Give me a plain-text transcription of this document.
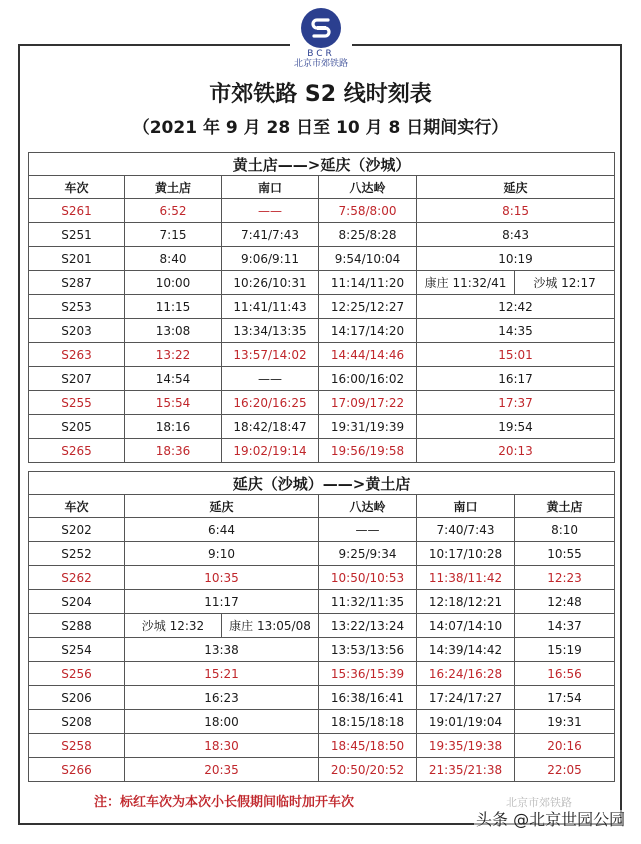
BCR
北京市郊铁路
市郊铁路 S2 线时刻表
（2021 年 9 月 28 日至 10 月 8 日期间实行）
黄土店——>延庆（沙城）					
车次	黄土店	南口	八达岭	延庆	
S261	6:52	——	7:58/8:00	8:15	
S251	7:15	7:41/7:43	8:25/8:28	8:43	
S201	8:40	9:06/9:11	9:54/10:04	10:19	
S287	10:00	10:26/10:31	11:14/11:20	康庄 11:32/41	沙城 12:17
S253	11:15	11:41/11:43	12:25/12:27	12:42	
S203	13:08	13:34/13:35	14:17/14:20	14:35	
S263	13:22	13:57/14:02	14:44/14:46	15:01	
S207	14:54	——	16:00/16:02	16:17	
S255	15:54	16:20/16:25	17:09/17:22	17:37	
S205	18:16	18:42/18:47	19:31/19:39	19:54	
S265	18:36	19:02/19:14	19:56/19:58	20:13	
延庆（沙城）——>黄土店					
车次	延庆		八达岭	南口	黄土店
S202	6:44		——	7:40/7:43	8:10
S252	9:10		9:25/9:34	10:17/10:28	10:55
S262	10:35		10:50/10:53	11:38/11:42	12:23
S204	11:17		11:32/11:35	12:18/12:21	12:48
S288	沙城 12:32	康庄 13:05/08	13:22/13:24	14:07/14:10	14:37
S254	13:38		13:53/13:56	14:39/14:42	15:19
S256	15:21		15:36/15:39	16:24/16:28	16:56
S206	16:23		16:38/16:41	17:24/17:27	17:54
S208	18:00		18:15/18:18	19:01/19:04	19:31
S258	18:30		18:45/18:50	19:35/19:38	20:16
S266	20:35		20:50/20:52	21:35/21:38	22:05
注：标红车次为本次小长假期间临时加开车次	北京市郊铁路
头条 @北京世园公园
